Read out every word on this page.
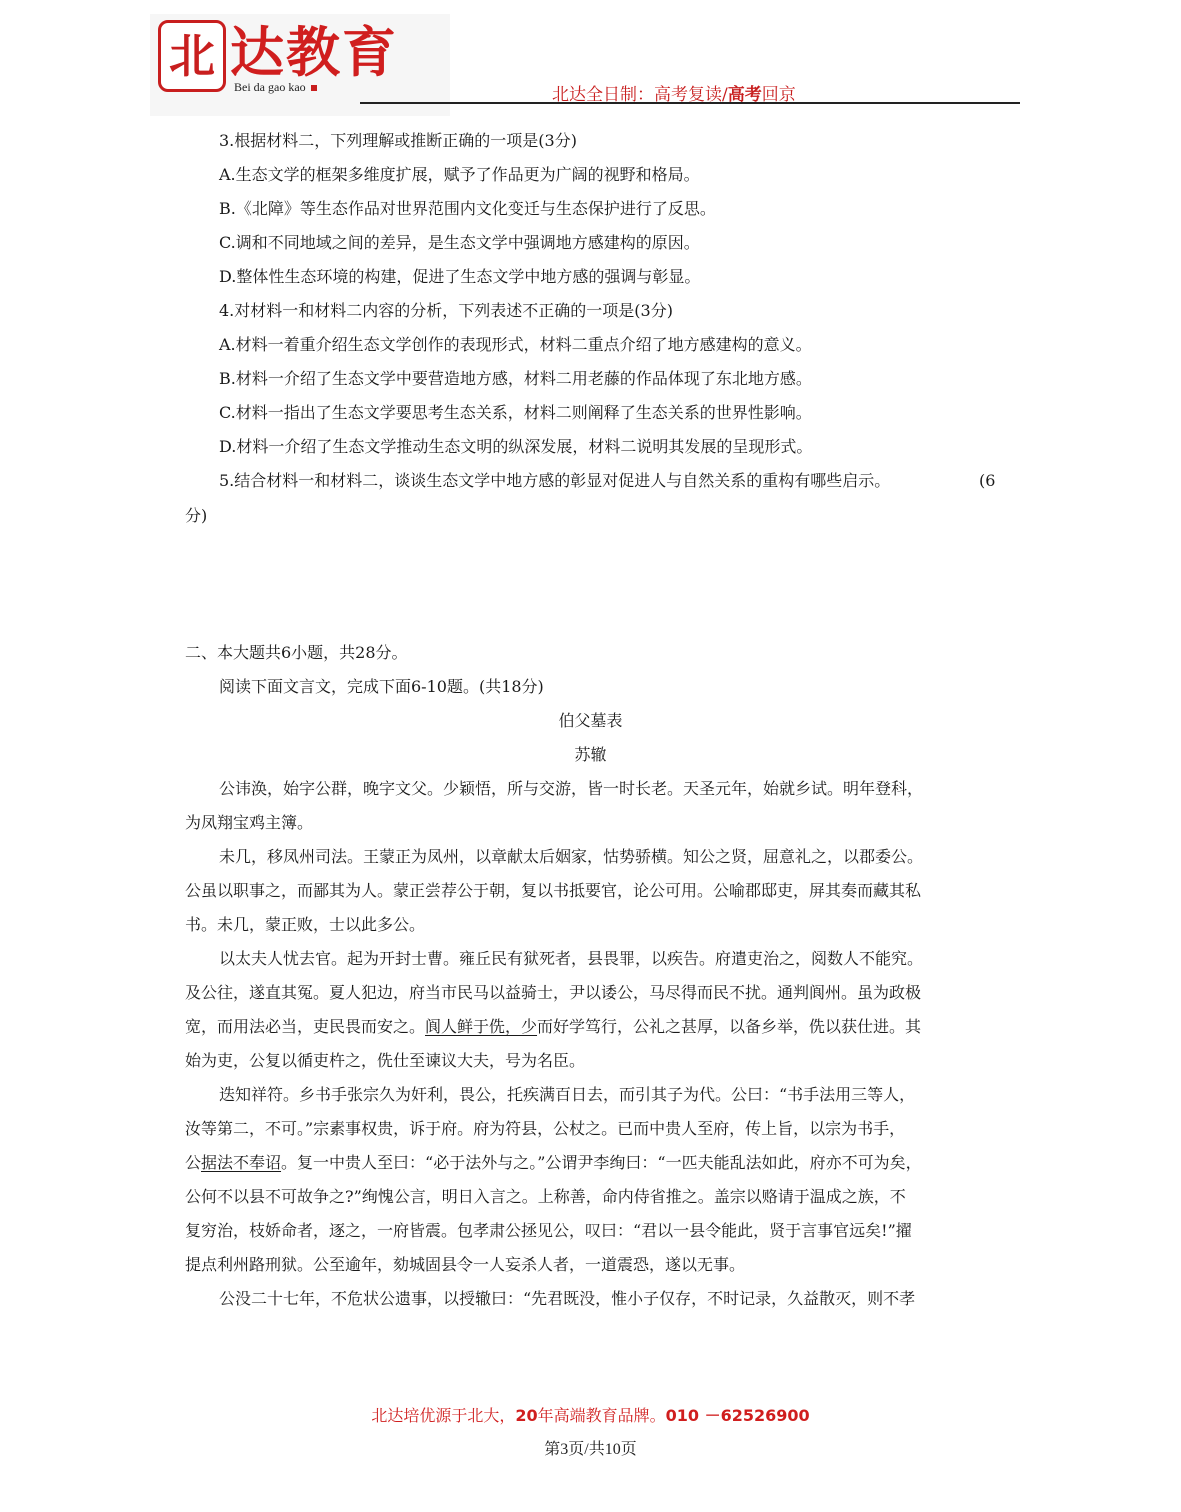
北 达教育
Bei da gao kao	北达全日制：高考复读/高考回京
3.根据材料二，下列理解或推断正确的一项是(3分)
A.生态文学的框架多维度扩展，赋予了作品更为广阔的视野和格局。
B.《北障》等生态作品对世界范围内文化变迁与生态保护进行了反思。
C.调和不同地域之间的差异，是生态文学中强调地方感建构的原因。
D.整体性生态环境的构建，促进了生态文学中地方感的强调与彰显。
4.对材料一和材料二内容的分析，下列表述不正确的一项是(3分)
A.材料一着重介绍生态文学创作的表现形式，材料二重点介绍了地方感建构的意义。
B.材料一介绍了生态文学中要营造地方感，材料二用老藤的作品体现了东北地方感。
C.材料一指出了生态文学要思考生态关系，材料二则阐释了生态关系的世界性影响。
D.材料一介绍了生态文学推动生态文明的纵深发展，材料二说明其发展的呈现形式。
5.结合材料一和材料二，谈谈生态文学中地方感的彰显对促进人与自然关系的重构有哪些启示。	(6
分)
二、本大题共6小题，共28分。
阅读下面文言文，完成下面6-10题。(共18分)
伯父墓表
苏辙
公讳涣，始字公群，晚字文父。少颖悟，所与交游，皆一时长老。天圣元年，始就乡试。明年登科，
为凤翔宝鸡主簿。
未几，移凤州司法。王蒙正为凤州，以章献太后姻家，怙势骄横。知公之贤，屈意礼之，以郡委公。
公虽以职事之，而鄙其为人。蒙正尝荐公于朝，复以书抵要官，论公可用。公喻郡邸吏，屏其奏而藏其私
书。未几，蒙正败，士以此多公。
以太夫人忧去官。起为开封士曹。雍丘民有狱死者，县畏罪，以疾告。府遣吏治之，阅数人不能究。
及公往，遂直其冤。夏人犯边，府当市民马以益骑士，尹以诿公，马尽得而民不扰。通判阆州。虽为政极
宽，而用法必当，吏民畏而安之。阆人鲜于侁，少而好学笃行，公礼之甚厚，以备乡举，侁以获仕进。其
始为吏，公复以循吏杵之，侁仕至谏议大夫，号为名臣。
迭知祥符。乡书手张宗久为奸利，畏公，托疾满百日去，而引其子为代。公曰：“书手法用三等人，
汝等第二，不可。”宗素事权贵，诉于府。府为符县，公杖之。已而中贵人至府，传上旨，以宗为书手，
公据法不奉诏。复一中贵人至曰：“必于法外与之。”公谓尹李绚曰：“一匹夫能乱法如此，府亦不可为矣，
公何不以县不可故争之?”绚愧公言，明日入言之。上称善，命内侍省推之。盖宗以赂请于温成之族，不
复穷治，枝娇命者，逐之，一府皆震。包孝肃公拯见公，叹曰：“君以一县令能此，贤于言事官远矣!”擢
提点利州路刑狱。公至逾年，劾城固县令一人妄杀人者，一道震恐，遂以无事。
公没二十七年，不危状公遗事，以授辙曰：“先君既没，惟小子仅存，不时记录，久益散灭，则不孝
北达培优源于北大，20年高端教育品牌。010 －62526900
第3页/共10页
